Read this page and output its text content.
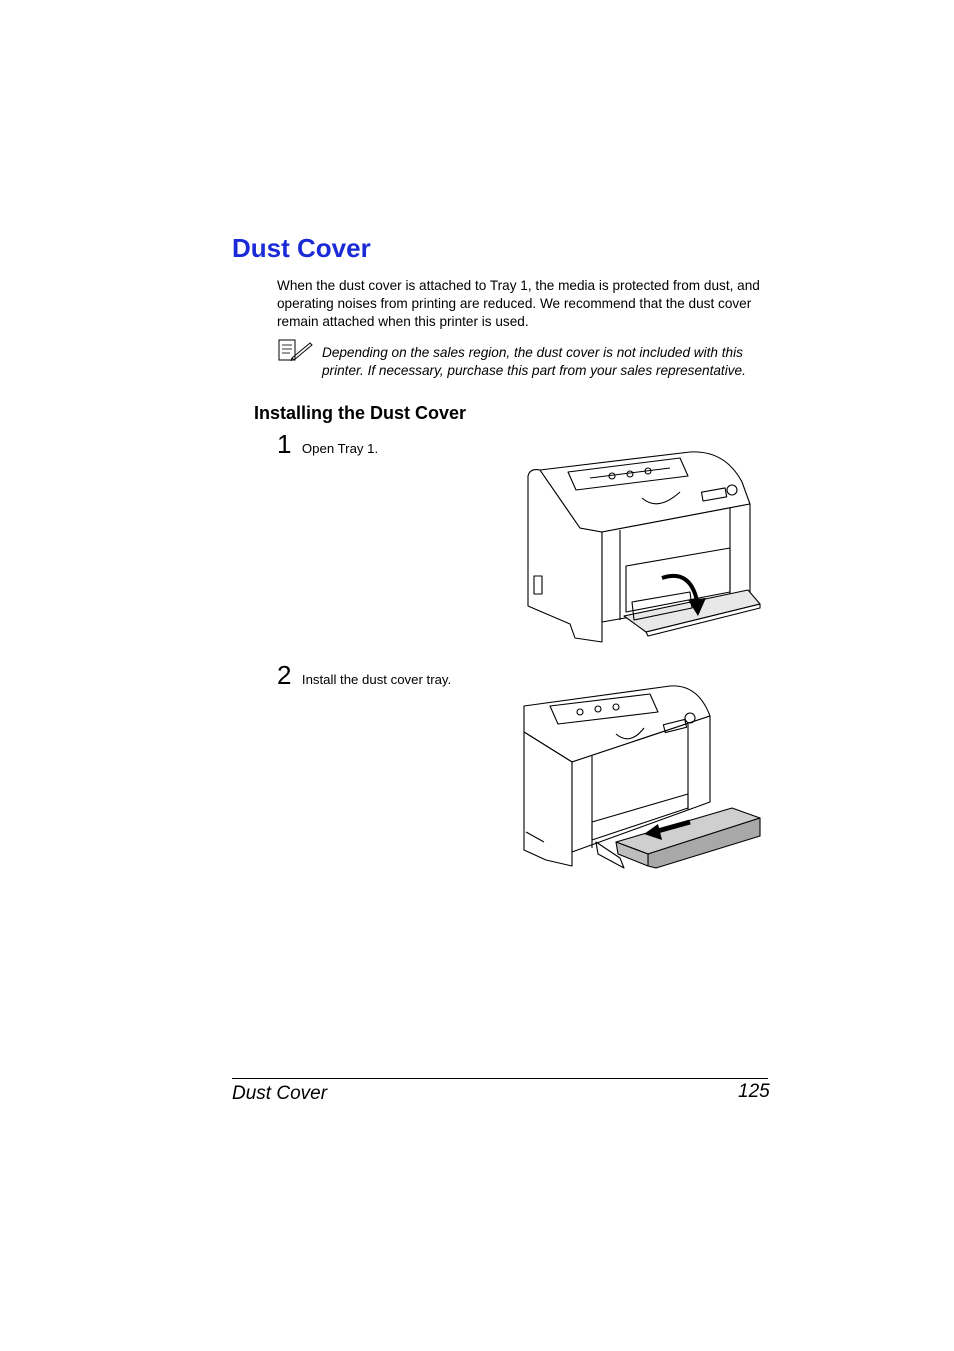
Dust Cover

When the dust cover is attached to Tray 1, the media is protected from dust, and operating noises from printing are reduced. We recommend that the dust cover remain attached when this printer is used.

Depending on the sales region, the dust cover is not included with this printer. If necessary, purchase this part from your sales representative.

Installing the Dust Cover
1 Open Tray 1.
2 Install the dust cover tray.
Dust Cover	125
